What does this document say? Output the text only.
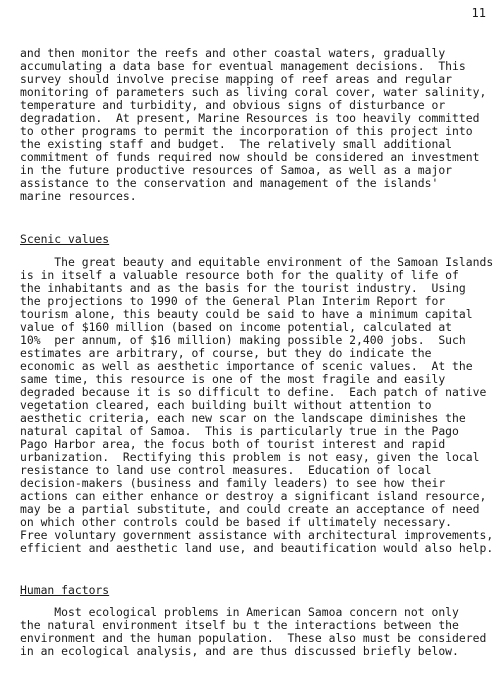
11

and then monitor the reefs and other coastal waters, gradually

accumulating a data base for eventual management decisions.  This

survey should involve precise mapping of reef areas and regular

monitoring of parameters such as living coral cover, water salinity,

temperature and turbidity, and obvious signs of disturbance or

degradation.  At present, Marine Resources is too heavily committed

to other programs to permit the incorporation of this project into

the existing staff and budget.  The relatively small additional

commitment of funds required now should be considered an investment

in the future productive resources of Samoa, as well as a major

assistance to the conservation and management of the islands'

marine resources.

Scenic values

The great beauty and equitable environment of the Samoan Islands

is in itself a valuable resource both for the quality of life of

the inhabitants and as the basis for the tourist industry.  Using

the projections to 1990 of the General Plan Interim Report for

tourism alone, this beauty could be said to have a minimum capital

value of $160 million (based on income potential, calculated at

10%  per annum, of $16 million) making possible 2,400 jobs.  Such

estimates are arbitrary, of course, but they do indicate the

economic as well as aesthetic importance of scenic values.  At the

same time, this resource is one of the most fragile and easily

degraded because it is so difficult to define.  Each patch of native

vegetation cleared, each building built without attention to

aesthetic criteria, each new scar on the landscape diminishes the

natural capital of Samoa.  This is particularly true in the Pago

Pago Harbor area, the focus both of tourist interest and rapid

urbanization.  Rectifying this problem is not easy, given the local

resistance to land use control measures.  Education of local

decision-makers (business and family leaders) to see how their

actions can either enhance or destroy a significant island resource,

may be a partial substitute, and could create an acceptance of need

on which other controls could be based if ultimately necessary.

Free voluntary government assistance with architectural improvements,

efficient and aesthetic land use, and beautification would also help.

Human factors

Most ecological problems in American Samoa concern not only

the natural environment itself bu t the interactions between the

environment and the human population.  These also must be considered

in an ecological analysis, and are thus discussed briefly below.
